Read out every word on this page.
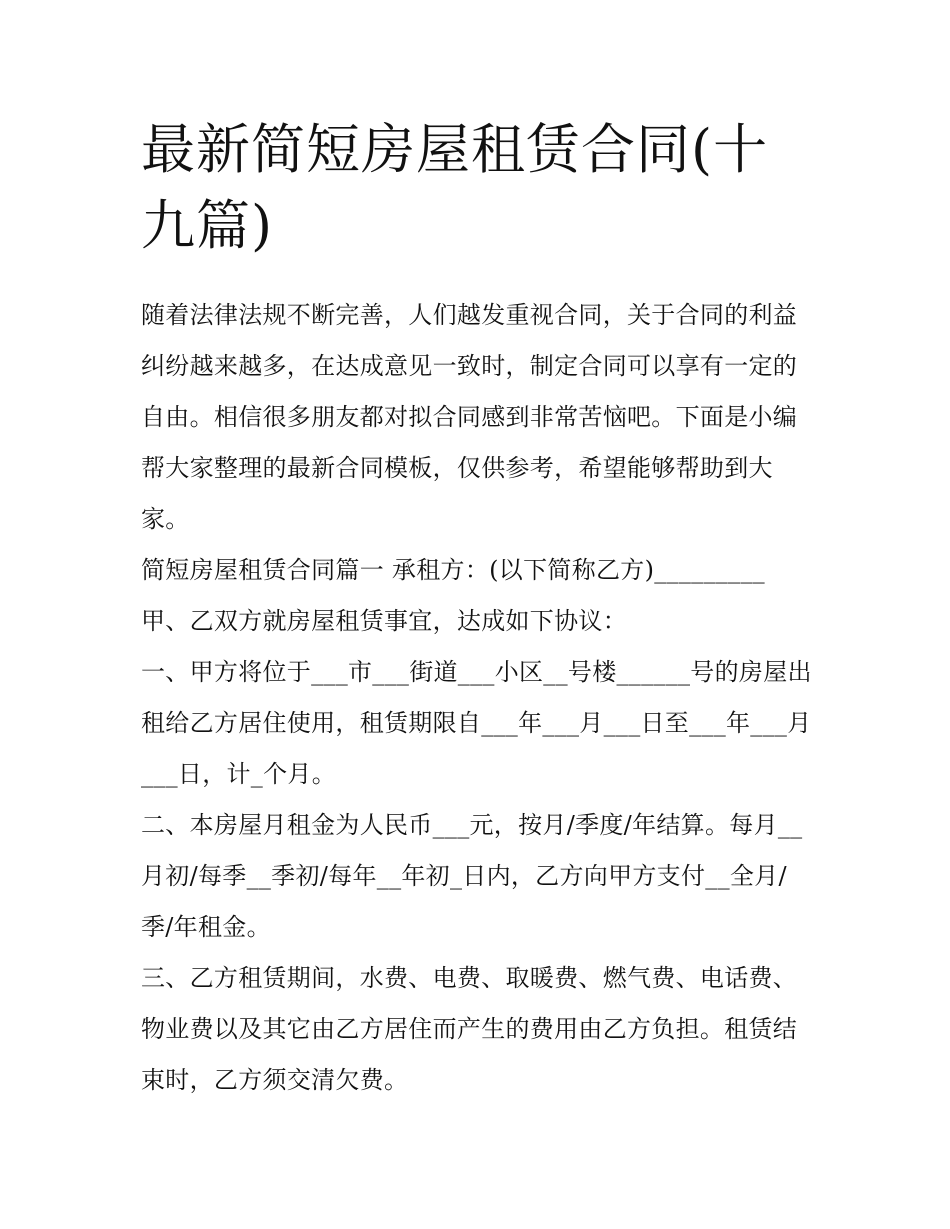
最新简短房屋租赁合同(十九篇)

随着法律法规不断完善，人们越发重视合同，关于合同的利益纠纷越来越多，在达成意见一致时，制定合同可以享有一定的自由。相信很多朋友都对拟合同感到非常苦恼吧。下面是小编帮大家整理的最新合同模板，仅供参考，希望能够帮助到大家。

简短房屋租赁合同篇一 承租方：(以下简称乙方)_________

甲、乙双方就房屋租赁事宜，达成如下协议：

一、甲方将位于___市___街道___小区__号楼______号的房屋出租给乙方居住使用，租赁期限自___年___月___日至___年___月___日，计_个月。

二、本房屋月租金为人民币___元，按月/季度/年结算。每月__月初/每季__季初/每年__年初_日内，乙方向甲方支付__全月/季/年租金。

三、乙方租赁期间，水费、电费、取暖费、燃气费、电话费、物业费以及其它由乙方居住而产生的费用由乙方负担。租赁结束时，乙方须交清欠费。
